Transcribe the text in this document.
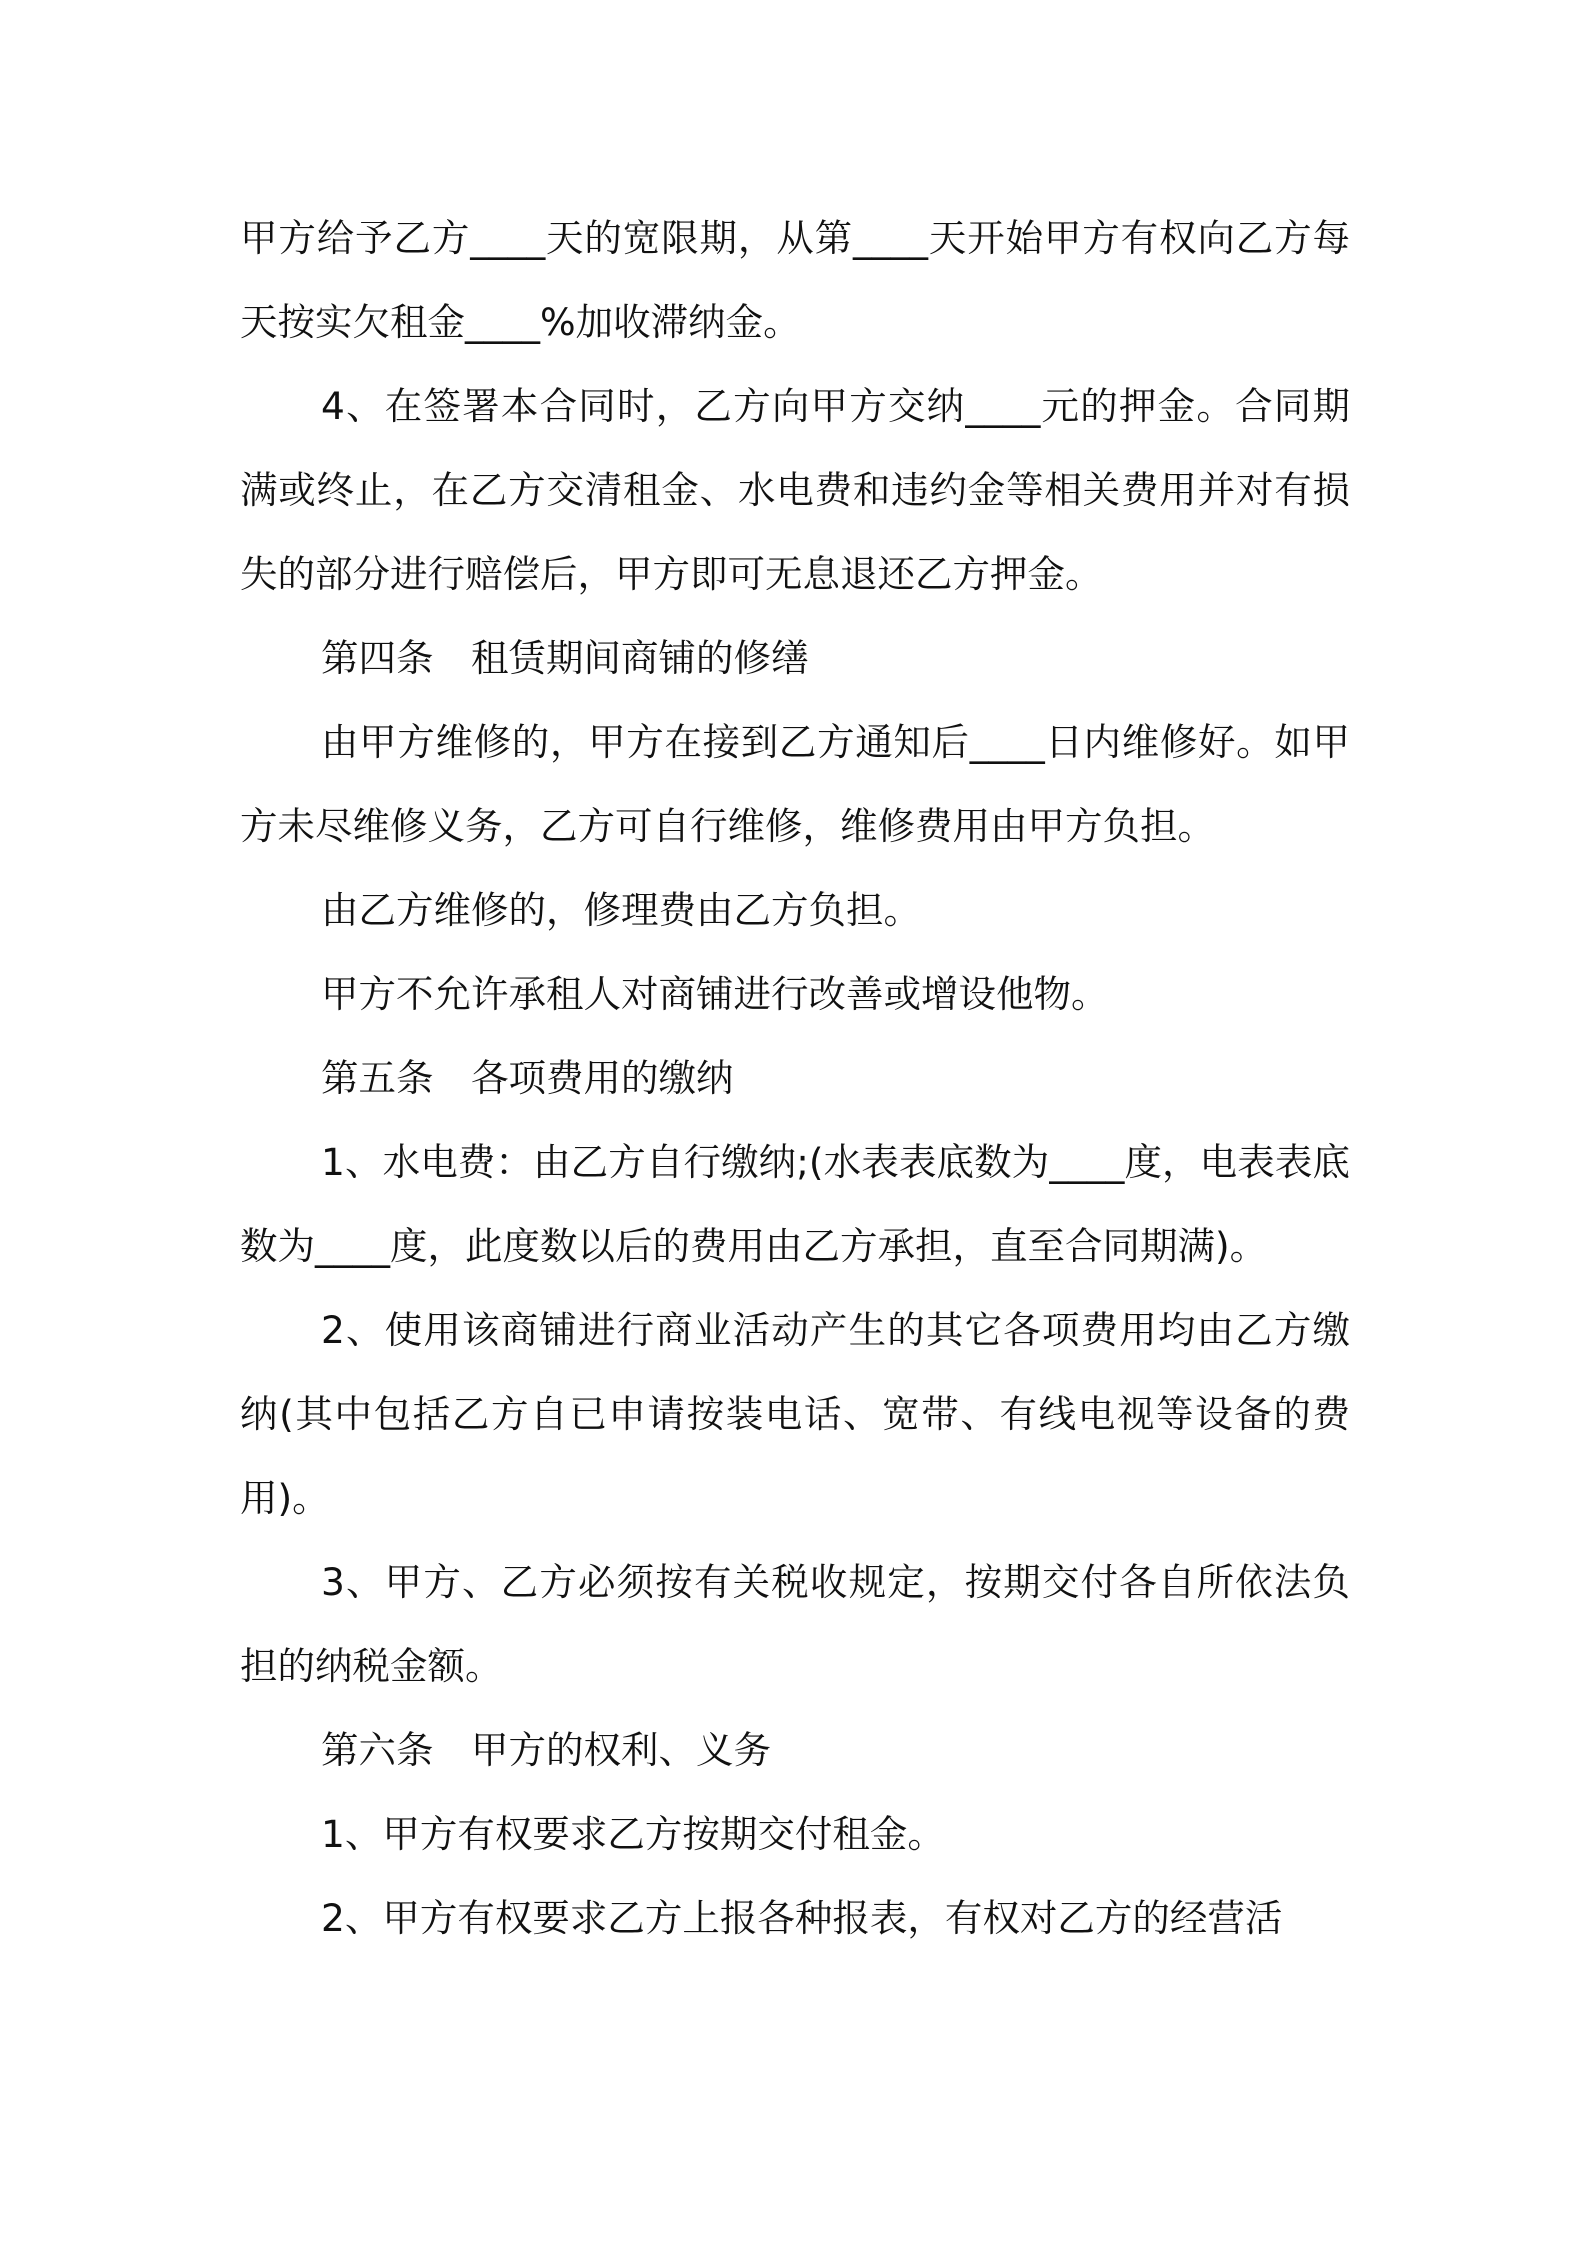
甲方给予乙方____天的宽限期，从第____天开始甲方有权向乙方每天按实欠租金____%加收滞纳金。

4、在签署本合同时，乙方向甲方交纳____元的押金。合同期满或终止，在乙方交清租金、水电费和违约金等相关费用并对有损失的部分进行赔偿后，甲方即可无息退还乙方押金。

第四条　租赁期间商铺的修缮

由甲方维修的，甲方在接到乙方通知后____日内维修好。如甲方未尽维修义务，乙方可自行维修，维修费用由甲方负担。

由乙方维修的，修理费由乙方负担。

甲方不允许承租人对商铺进行改善或增设他物。

第五条　各项费用的缴纳

1、水电费：由乙方自行缴纳;(水表表底数为____度，电表表底数为____度，此度数以后的费用由乙方承担，直至合同期满)。

2、使用该商铺进行商业活动产生的其它各项费用均由乙方缴纳(其中包括乙方自已申请按装电话、宽带、有线电视等设备的费用)。

3、甲方、乙方必须按有关税收规定，按期交付各自所依法负担的纳税金额。

第六条　甲方的权利、义务

1、甲方有权要求乙方按期交付租金。

2、甲方有权要求乙方上报各种报表，有权对乙方的经营活
